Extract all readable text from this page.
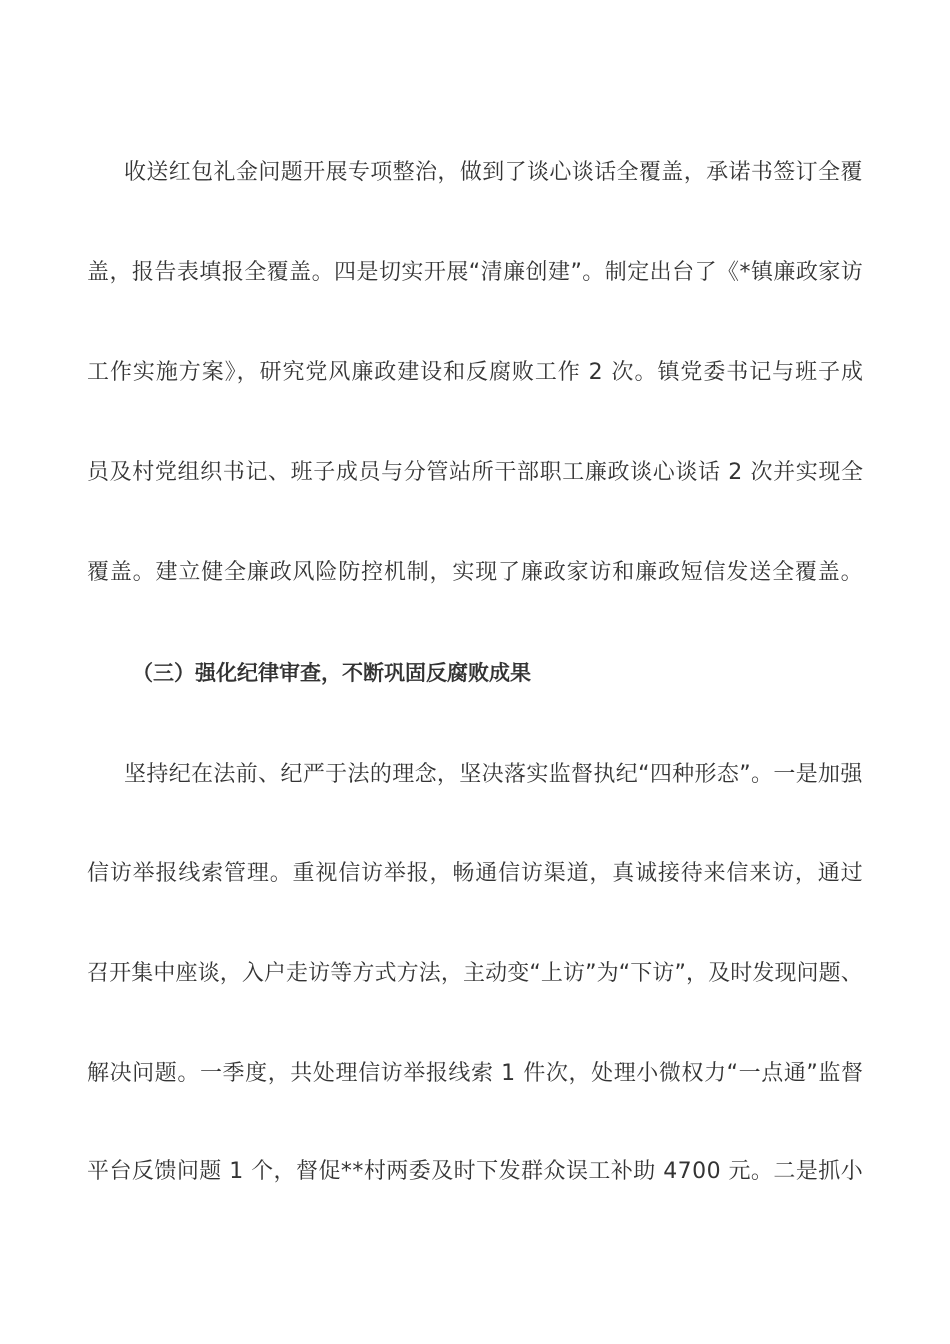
收送红包礼金问题开展专项整治，做到了谈心谈话全覆盖，承诺书签订全覆
盖，报告表填报全覆盖。四是切实开展“清廉创建”。制定出台了《*镇廉政家访
工作实施方案》，研究党风廉政建设和反腐败工作 2 次。镇党委书记与班子成
员及村党组织书记、班子成员与分管站所干部职工廉政谈心谈话 2 次并实现全
覆盖。建立健全廉政风险防控机制，实现了廉政家访和廉政短信发送全覆盖。
（三）强化纪律审查，不断巩固反腐败成果
坚持纪在法前、纪严于法的理念，坚决落实监督执纪“四种形态”。一是加强
信访举报线索管理。重视信访举报，畅通信访渠道，真诚接待来信来访，通过
召开集中座谈，入户走访等方式方法，主动变“上访”为“下访”，及时发现问题、
解决问题。一季度，共处理信访举报线索 1 件次，处理小微权力“一点通”监督
平台反馈问题 1 个，督促**村两委及时下发群众误工补助 4700 元。二是抓小
